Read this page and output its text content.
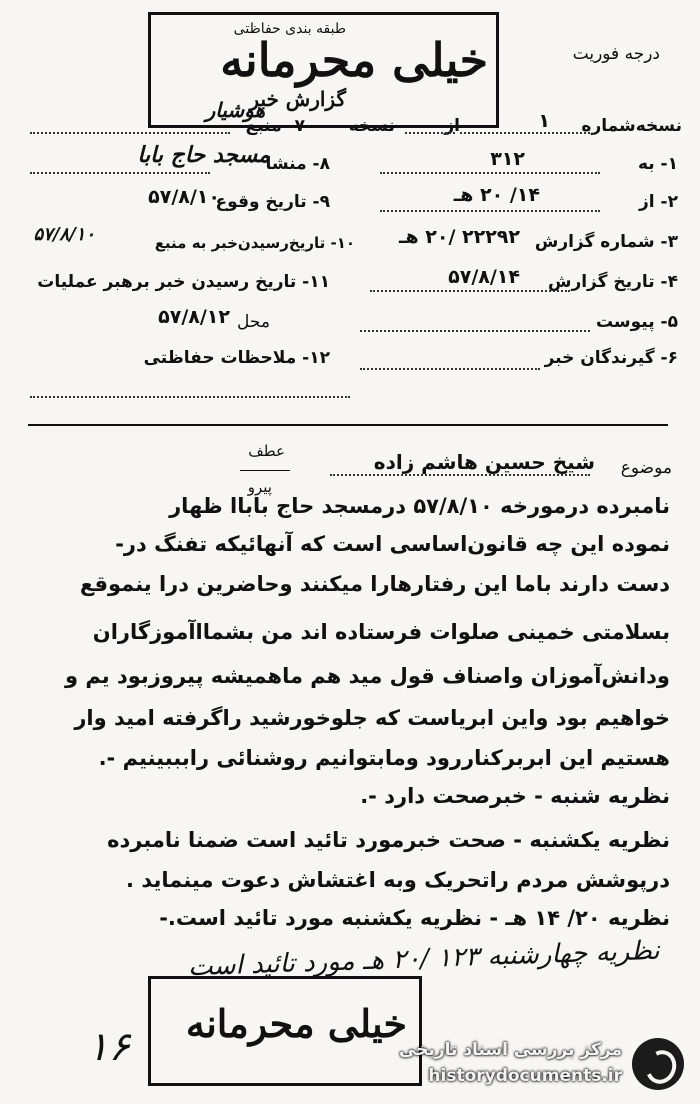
خیلی محرمانه
طبقه بندی حفاظتی
گزارش خبر
درجه فوریت
نسخه‌شماره
۱
از
نسخه
۷- منبع
هوشیار
۱- به
۳۱۲
۲- از
۱۴/ ۲۰ هـ
۳- شماره گزارش
۲۲۲۹۲ /۲۰ هـ
۴- تاریخ گزارش
۵۷/۸/۱۴
۵- پیوست
۶- گیرندگان خبر
۸- منشا
مسجد حاج بابا
۹- تاریخ وقوع
۵۷/۸/۱۰
۱۰- تاریخ‌رسیدن‌خبر به منبع
۵۷/۸/۱۰
۱۱- تاریخ رسیدن خبر برهبر عملیات
محل
۵۷/۸/۱۲
۱۲- ملاحظات حفاظتی
موضوع
شیخ حسین هاشم زاده
عطف
پیرو
نامبرده درمورخه ۵۷/۸/۱۰ درمسجد حاج باباا ظهار
نموده این چه قانون‌اساسی است که آنهائیکه تفنگ در-
دست دارند باما این رفتارهارا میکنند وحاضرین درا ینموقع
بسلامتی خمینی صلوات فرستاده اند من بشمااآموزگاران
ودانش‌آموزان واصناف قول مید هم ماهمیشه پیروزبود یم و
خواهیم بود واین ابریاست که جلوخورشید راگرفته امید وار
هستیم این ابربرکناررود ومابتوانیم روشنائی رابببینیم -.
نظریه شنبه - خبرصحت دارد -.
نظریه یکشنبه - صحت خبرمورد تائید است ضمنا نامبرده
درپوشش مردم راتحریک وبه اغتشاش دعوت مینماید .
نظریه ۲۰/ ۱۴ هـ - نظریه یکشنبه مورد تائید است.-
نظریه چهارشنبه ۱۲۳ /۲۰ هـ مورد تائید است
خیلی محرمانه
۱۶	مرکز بررسی اسناد تاریخی
historydocuments.ir
